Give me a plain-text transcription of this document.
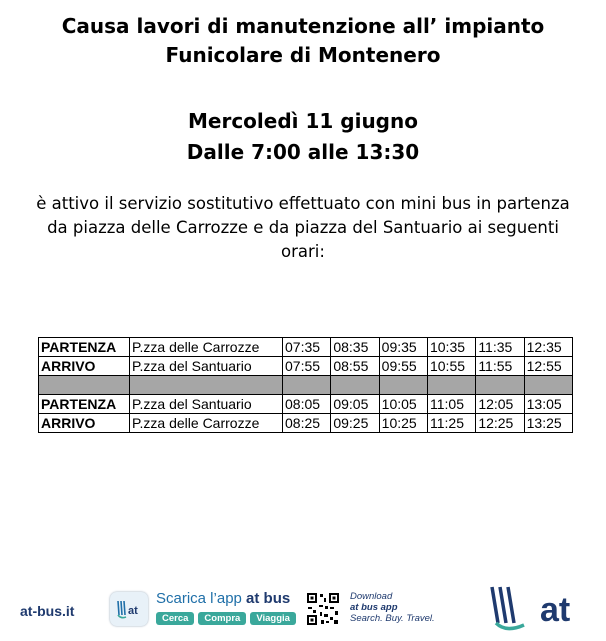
Causa lavori di manutenzione all’ impianto
Funicolare di Montenero
Mercoledì 11 giugno
Dalle 7:00 alle 13:30
è attivo il servizio sostitutivo effettuato con mini bus in partenza
da piazza delle Carrozze e da piazza del Santuario ai seguenti
orari:
PARTENZA	P.zza delle Carrozze	07:35	08:35	09:35	10:35	11:35	12:35
ARRIVO	P.zza del Santuario	07:55	08:55	09:55	10:55	11:55	12:55

PARTENZA	P.zza del Santuario	08:05	09:05	10:05	11:05	12:05	13:05
ARRIVO	P.zza delle Carrozze	08:25	09:25	10:25	11:25	12:25	13:25
at-bus.it	at
Scarica l’app at bus
Cerca	Compra	Viaggia
Download
at bus app
Search. Buy. Travel.	at
